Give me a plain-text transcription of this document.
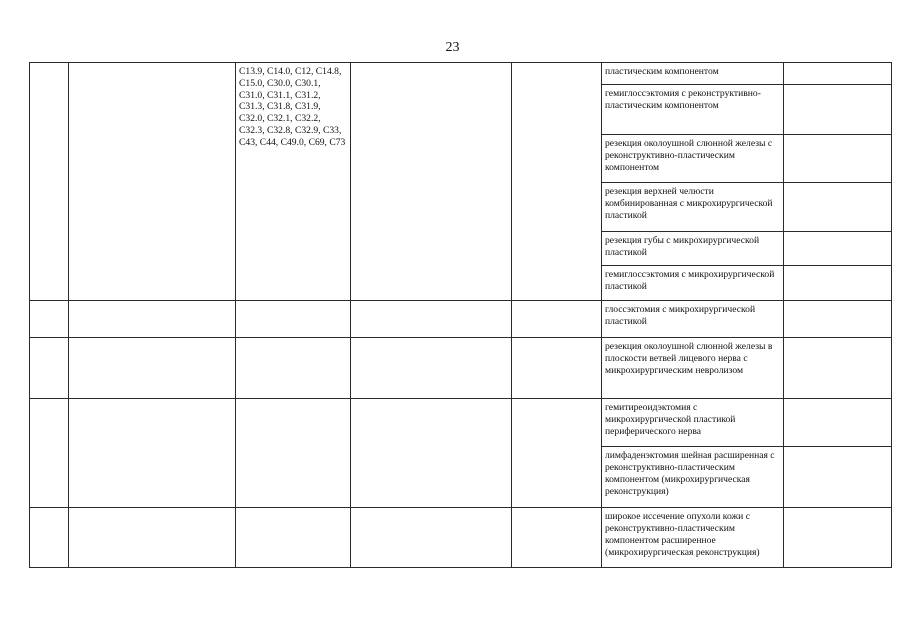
23

		C13.9, C14.0, C12, C14.8, C15.0, C30.0, C30.1, C31.0, C31.1, C31.2, C31.3, C31.8, C31.9, C32.0, C32.1, C32.2, C32.3, C32.8, C32.9, C33, C43, C44, C49.0, C69, C73			пластическим компонентом	

					гемиглоссэктомия с реконструктивно-пластическим компонентом	

					резекция околоушной слюнной железы с реконструктивно-пластическим компонентом	

					резекция верхней челюсти комбинированная с микрохирургической пластикой	

					резекция губы с микрохирургической пластикой	

					гемиглоссэктомия с микрохирургической пластикой	

					глоссэктомия с микрохирургической пластикой	

					резекция околоушной слюнной железы в плоскости ветвей лицевого нерва с микрохирургическим невролизом	

					гемитиреоидэктомия с микрохирургической пластикой периферического нерва	

					лимфаденэктомия шейная расширенная с реконструктивно-пластическим компонентом (микрохирургическая реконструкция)	

					широкое иссечение опухоли кожи с реконструктивно-пластическим компонентом расширенное (микрохирургическая реконструкция)	
